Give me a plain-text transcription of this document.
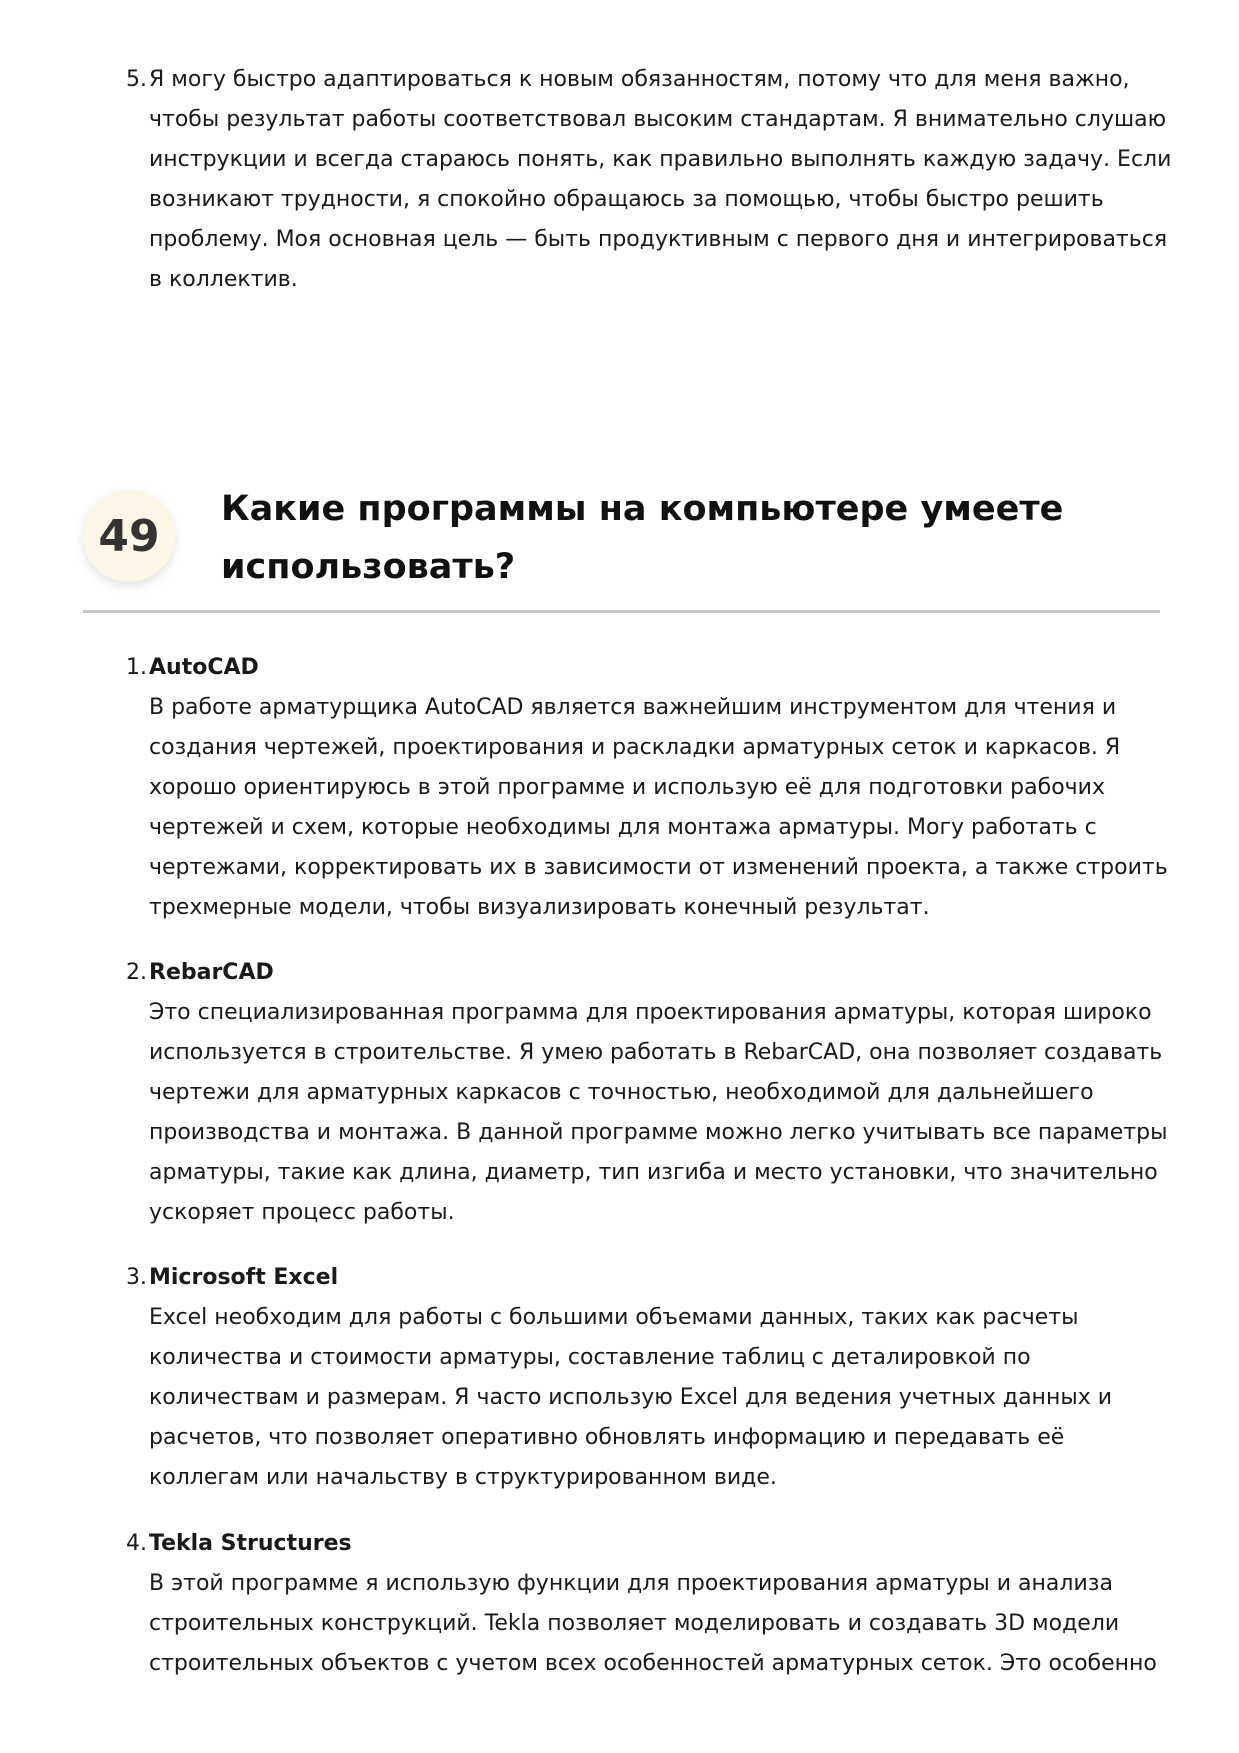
5. Я могу быстро адаптироваться к новым обязанностям, потому что для меня важно, чтобы результат работы соответствовал высоким стандартам. Я внимательно слушаю инструкции и всегда стараюсь понять, как правильно выполнять каждую задачу. Если возникают трудности, я спокойно обращаюсь за помощью, чтобы быстро решить проблему. Моя основная цель — быть продуктивным с первого дня и интегрироваться в коллектив.
49
Какие программы на компьютере умеете использовать?
1. AutoCAD
В работе арматурщика AutoCAD является важнейшим инструментом для чтения и создания чертежей, проектирования и раскладки арматурных сеток и каркасов. Я хорошо ориентируюсь в этой программе и использую её для подготовки рабочих чертежей и схем, которые необходимы для монтажа арматуры. Могу работать с чертежами, корректировать их в зависимости от изменений проекта, а также строить трехмерные модели, чтобы визуализировать конечный результат.
2. RebarCAD
Это специализированная программа для проектирования арматуры, которая широко используется в строительстве. Я умею работать в RebarCAD, она позволяет создавать чертежи для арматурных каркасов с точностью, необходимой для дальнейшего производства и монтажа. В данной программе можно легко учитывать все параметры арматуры, такие как длина, диаметр, тип изгиба и место установки, что значительно ускоряет процесс работы.
3. Microsoft Excel
Excel необходим для работы с большими объемами данных, таких как расчеты количества и стоимости арматуры, составление таблиц с деталировкой по количествам и размерам. Я часто использую Excel для ведения учетных данных и расчетов, что позволяет оперативно обновлять информацию и передавать её коллегам или начальству в структурированном виде.
4. Tekla Structures
В этой программе я использую функции для проектирования арматуры и анализа строительных конструкций. Tekla позволяет моделировать и создавать 3D модели строительных объектов с учетом всех особенностей арматурных сеток. Это особенно
